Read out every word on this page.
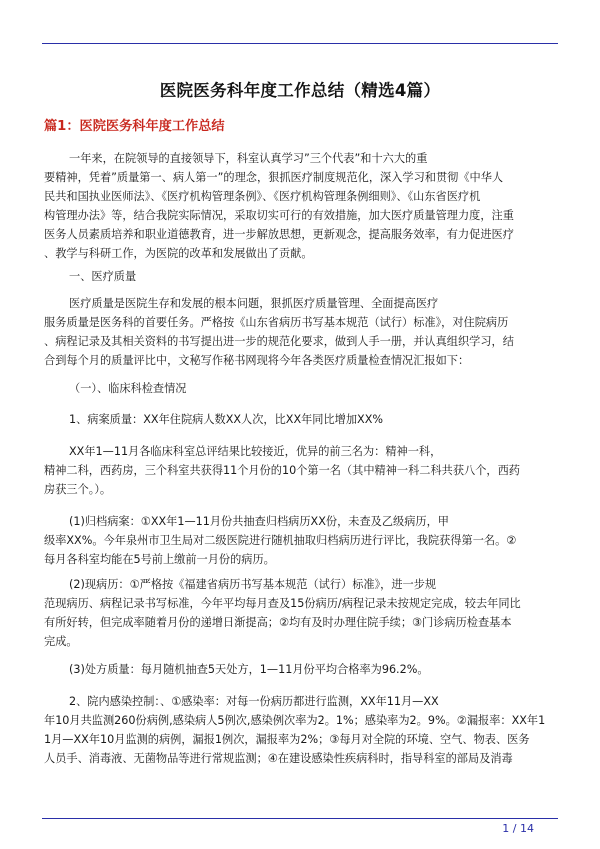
医院医务科年度工作总结（精选4篇）
篇1：医院医务科年度工作总结
一年来，在院领导的直接领导下，科室认真学习”三个代表”和十六大的重
要精神，凭着”质量第一、病人第一”的理念，狠抓医疗制度规范化，深入学习和贯彻《中华人
民共和国执业医师法》、《医疗机构管理条例》、《医疗机构管理条例细则》、《山东省医疗机
构管理办法》等，结合我院实际情况，采取切实可行的有效措施，加大医疗质量管理力度，注重
医务人员素质培养和职业道德教育，进一步解放思想，更新观念，提高服务效率，有力促进医疗
、教学与科研工作，为医院的改革和发展做出了贡献。
一、医疗质量
医疗质量是医院生存和发展的根本问题，狠抓医疗质量管理、全面提高医疗
服务质量是医务科的首要任务。严格按《山东省病历书写基本规范（试行）标准》，对住院病历
、病程记录及其相关资料的书写提出进一步的规范化要求，做到人手一册，并认真组织学习，结
合到每个月的质量评比中，文秘写作秘书网现将今年各类医疗质量检查情况汇报如下：
（一）、临床科检查情况
1、病案质量：XX年住院病人数XX人次，比XX年同比增加XX%
XX年1—11月各临床科室总评结果比较接近，优异的前三名为：精神一科，
精神二科，西药房，三个科室共获得11个月份的10个第一名（其中精神一科二科共获八个，西药
房获三个。）。
(1)归档病案：①XX年1—11月份共抽查归档病历XX份，未查及乙级病历，甲
级率XX%。今年泉州市卫生局对二级医院进行随机抽取归档病历进行评比，我院获得第一名。②
每月各科室均能在5号前上缴前一月份的病历。
(2)现病历：①严格按《福建省病历书写基本规范（试行）标准》，进一步规
范现病历、病程记录书写标准，今年平均每月查及15份病历/病程记录未按规定完成，较去年同比
有所好转，但完成率随着月份的递增日渐提高；②均有及时办理住院手续；③门诊病历检查基本
完成。
(3)处方质量：每月随机抽查5天处方，1—11月份平均合格率为96.2%。
2、院内感染控制：、①感染率：对每一份病历都进行监测，XX年11月—XX
年10月共监测260份病例,感染病人5例次,感染例次率为2。1%；感染率为2。9%。②漏报率：XX年1
1月—XX年10月监测的病例，漏报1例次，漏报率为2%；③每月对全院的环境、空气、物表、医务
人员手、消毒液、无菌物品等进行常规监测；④在建设感染性疾病科时，指导科室的部局及消毒
1 / 14
